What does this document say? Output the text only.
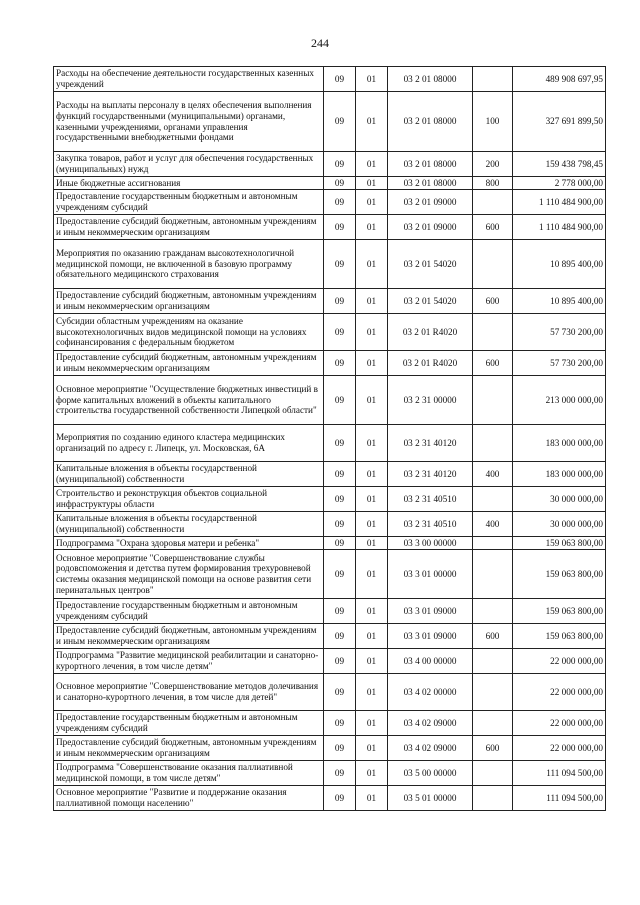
244
Расходы на обеспечение деятельности государственных казенных учреждений	09	01	03 2 01 08000		489 908 697,95
Расходы на выплаты персоналу в целях обеспечения выполнения функций государственными (муниципальными) органами, казенными учреждениями, органами управления государственными внебюджетными фондами	09	01	03 2 01 08000	100	327 691 899,50
Закупка товаров, работ и услуг для обеспечения государственных (муниципальных) нужд	09	01	03 2 01 08000	200	159 438 798,45
Иные бюджетные ассигнования	09	01	03 2 01 08000	800	2 778 000,00
Предоставление государственным бюджетным и автономным учреждениям субсидий	09	01	03 2 01 09000		1 110 484 900,00
Предоставление субсидий бюджетным, автономным учреждениям и иным некоммерческим организациям	09	01	03 2 01 09000	600	1 110 484 900,00
Мероприятия по оказанию гражданам высокотехнологичной медицинской помощи, не включенной в базовую программу обязательного медицинского страхования	09	01	03 2 01 54020		10 895 400,00
Предоставление субсидий бюджетным, автономным учреждениям и иным некоммерческим организациям	09	01	03 2 01 54020	600	10 895 400,00
Субсидии областным учреждениям на оказание высокотехнологичных видов медицинской помощи на условиях софинансирования с федеральным бюджетом	09	01	03 2 01 R4020		57 730 200,00
Предоставление субсидий бюджетным, автономным учреждениям и иным некоммерческим организациям	09	01	03 2 01 R4020	600	57 730 200,00
Основное мероприятие "Осуществление бюджетных инвестиций в форме капитальных вложений в объекты капитального строительства государственной собственности Липецкой области"	09	01	03 2 31 00000		213 000 000,00
Мероприятия по созданию единого кластера медицинских организаций по адресу г. Липецк, ул. Московская, 6А	09	01	03 2 31 40120		183 000 000,00
Капитальные вложения в объекты государственной (муниципальной) собственности	09	01	03 2 31 40120	400	183 000 000,00
Строительство и реконструкция объектов социальной инфраструктуры области	09	01	03 2 31 40510		30 000 000,00
Капитальные вложения в объекты государственной (муниципальной) собственности	09	01	03 2 31 40510	400	30 000 000,00
Подпрограмма "Охрана здоровья матери и ребенка"	09	01	03 3 00 00000		159 063 800,00
Основное мероприятие "Совершенствование службы родовспоможения и детства путем формирования трехуровневой системы оказания медицинской помощи на основе развития сети перинатальных центров"	09	01	03 3 01 00000		159 063 800,00
Предоставление государственным бюджетным и автономным учреждениям субсидий	09	01	03 3 01 09000		159 063 800,00
Предоставление субсидий бюджетным, автономным учреждениям и иным некоммерческим организациям	09	01	03 3 01 09000	600	159 063 800,00
Подпрограмма "Развитие медицинской реабилитации и санаторно-курортного лечения, в том числе детям"	09	01	03 4 00 00000		22 000 000,00
Основное мероприятие "Совершенствование методов долечивания и санаторно-курортного лечения, в том числе для детей"	09	01	03 4 02 00000		22 000 000,00
Предоставление государственным бюджетным и автономным учреждениям субсидий	09	01	03 4 02 09000		22 000 000,00
Предоставление субсидий бюджетным, автономным учреждениям и иным некоммерческим организациям	09	01	03 4 02 09000	600	22 000 000,00
Подпрограмма "Совершенствование оказания паллиативной медицинской помощи, в том числе детям"	09	01	03 5 00 00000		111 094 500,00
Основное мероприятие "Развитие и поддержание оказания паллиативной помощи населению"	09	01	03 5 01 00000		111 094 500,00
